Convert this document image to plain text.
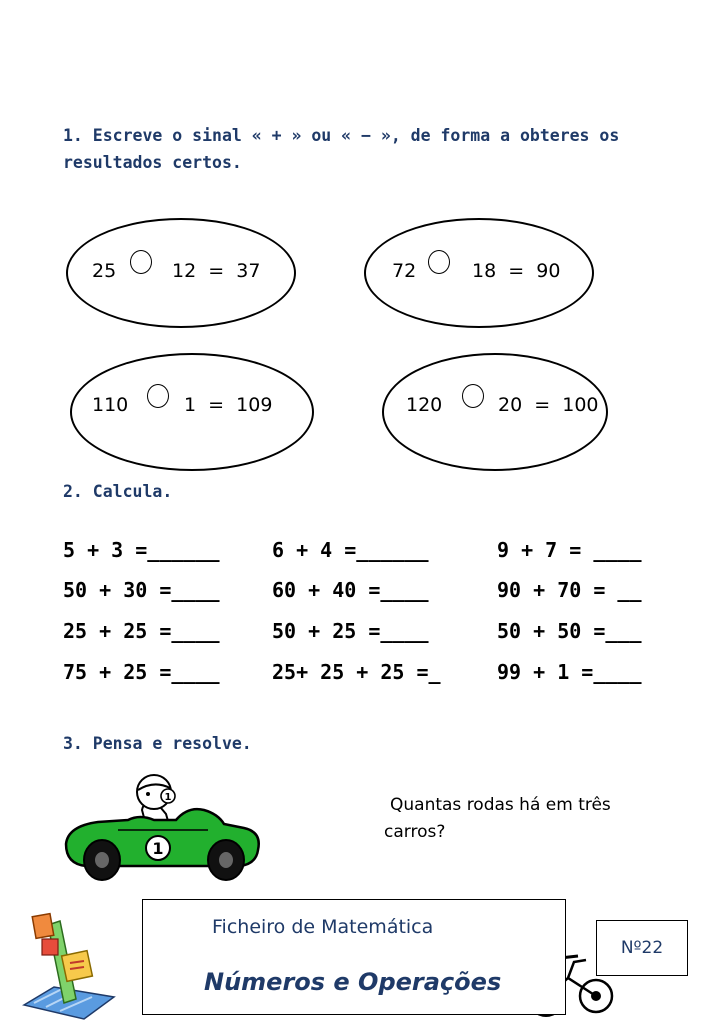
1. Escreve o sinal « + » ou « − », de forma a obteres os
resultados certos.
25	12  =  37	72	18  =  90
110	1  =  109	120	20  =  100
2. Calcula.
5 + 3 =______	6 + 4 =______	9 + 7 = ____
50 + 30 =____	60 + 40 =____	90 + 70 = __
25 + 25 =____	50 + 25 =____	50 + 50 =___
75 + 25 =____	25+ 25 + 25 =_	99 + 1 =____
3. Pensa e resolve.
1
1
Quantas rodas há em três
carros?
Ficheiro de Matemática
Números e Operações
Nº22
